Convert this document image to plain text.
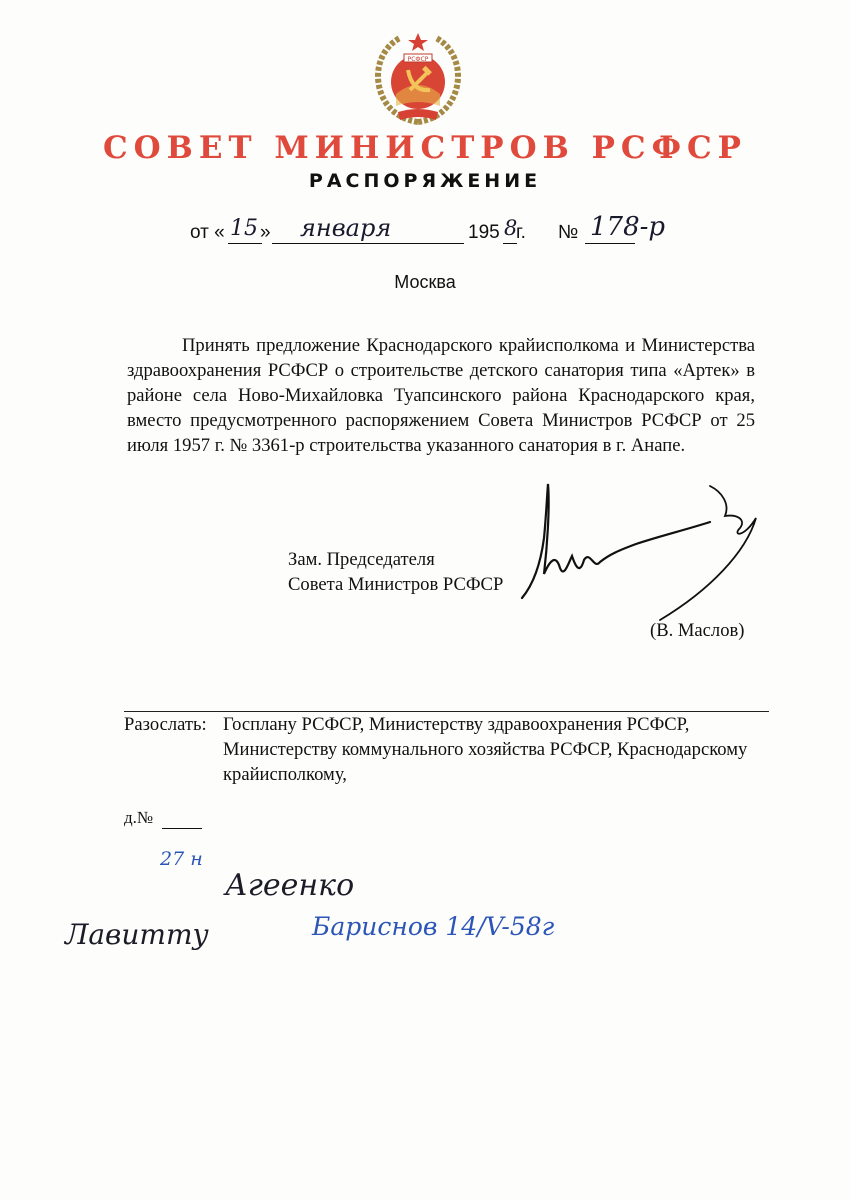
РСФСР
СОВЕТ МИНИСТРОВ РСФСР
РАСПОРЯЖЕНИЕ
от « 15 » января	195 8
г. № 178-р
Москва
Принять предложение Краснодарского крайисполкома и Министерства здравоохранения РСФСР о строительстве детского санатория типа «Артек» в районе села Ново-Михайловка Туапсинского района Краснодарского края, вместо предусмотренного распоряжением Совета Министров РСФСР от 25 июля 1957 г. № 3361-р строительства указанного санатория в г. Анапе.
Зам. Председателя
Совета Министров РСФСР
(В. Маслов)
Разослать: Госплану РСФСР, Министерству здравоохранения РСФСР, Министерству коммунального хозяйства РСФСР, Краснодарскому крайисполкому,
д.№
27 н
Агеенко
Бариснов 14/V-58г
Лавитту
